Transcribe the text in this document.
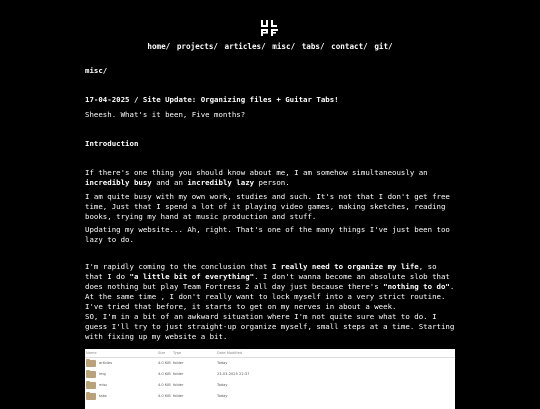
home/ projects/ articles/ misc/ tabs/ contact/ git/

misc/

17-04-2025 / Site Update: Organizing files + Guitar Tabs!

Sheesh. What's it been, Five months?

Introduction

If there's one thing you should know about me, I am somehow simultaneously an incredibly busy and an incredibly lazy person.

I am quite busy with my own work, studies and such. It's not that I don't get free time, Just that I spend a lot of it playing video games, making sketches, reading books, trying my hand at music production and stuff.

Updating my website... Ah, right. That's one of the many things I've just been too lazy to do.

I'm rapidly coming to the conclusion that I really need to organize my life, so that I do "a little bit of everything". I don't wanna become an absolute slob that does nothing but play Team Fortress 2 all day just because there's "nothing to do". At the same time , I don't really want to lock myself into a very strict routine. I've tried that before, it starts to get on my nerves in about a week.

SO, I'm in a bit of an awkward situation where I'm not quite sure what to do. I guess I'll try to just straight-up organize myself, small steps at a time. Starting with fixing up my website a bit.

Name	Size	Type	Date Modified
articles	4.0 KiB folder	Today
img	4.0 KiB folder	23-03-2025 22:37
misc	4.0 KiB folder	Today
tabs	4.0 KiB folder	Today
